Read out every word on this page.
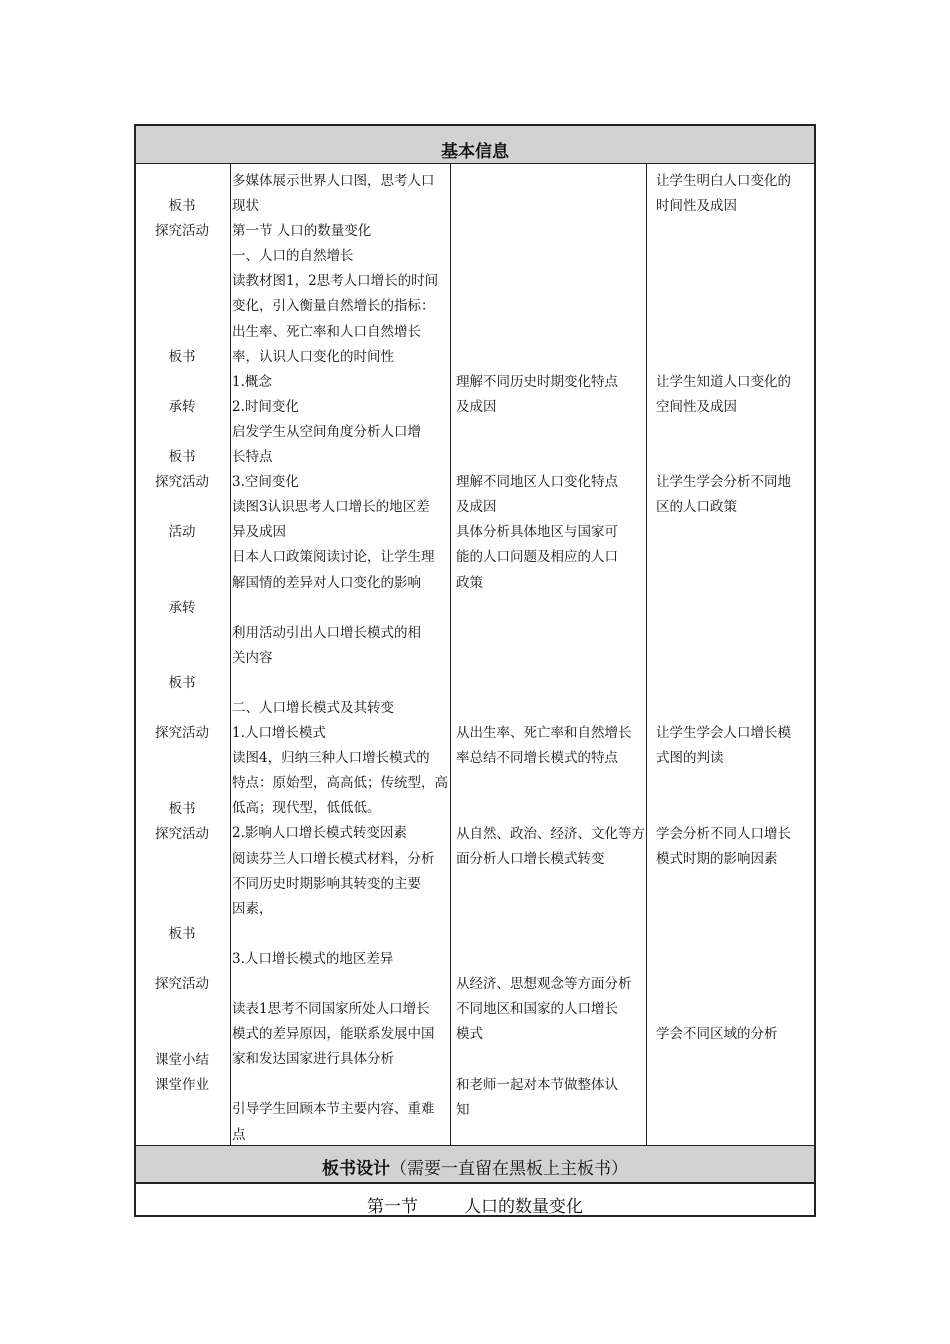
基本信息
板书
探究活动
板书
承转
板书
探究活动
活动
承转
板书
探究活动
板书
探究活动
板书
探究活动
课堂小结
课堂作业
多媒体展示世界人口图，思考人口
现状
第一节 人口的数量变化
一、人口的自然增长
读教材图1，2思考人口增长的时间
变化，引入衡量自然增长的指标：
出生率、死亡率和人口自然增长
率，认识人口变化的时间性
1.概念
2.时间变化
启发学生从空间角度分析人口增
长特点
3.空间变化
读图3认识思考人口增长的地区差
异及成因
日本人口政策阅读讨论，让学生理
解国情的差异对人口变化的影响
利用活动引出人口增长模式的相
关内容
二、人口增长模式及其转变
1.人口增长模式
读图4，归纳三种人口增长模式的
特点：原始型，高高低；传统型，高
低高；现代型，低低低。
2.影响人口增长模式转变因素
阅读芬兰人口增长模式材料，分析
不同历史时期影响其转变的主要
因素，
3.人口增长模式的地区差异
读表1思考不同国家所处人口增长
模式的差异原因，能联系发展中国
家和发达国家进行具体分析
引导学生回顾本节主要内容、重难
点
理解不同历史时期变化特点
及成因
理解不同地区人口变化特点
及成因
具体分析具体地区与国家可
能的人口问题及相应的人口
政策
从出生率、死亡率和自然增长
率总结不同增长模式的特点
从自然、政治、经济、文化等方
面分析人口增长模式转变
从经济、思想观念等方面分析
不同地区和国家的人口增长
模式
和老师一起对本节做整体认
知
让学生明白人口变化的
时间性及成因
让学生知道人口变化的
空间性及成因
让学生学会分析不同地
区的人口政策
让学生学会人口增长模
式图的判读
学会分析不同人口增长
模式时期的影响因素
学会不同区域的分析
板书设计（需要一直留在黑板上主板书）
第一节	人口的数量变化
